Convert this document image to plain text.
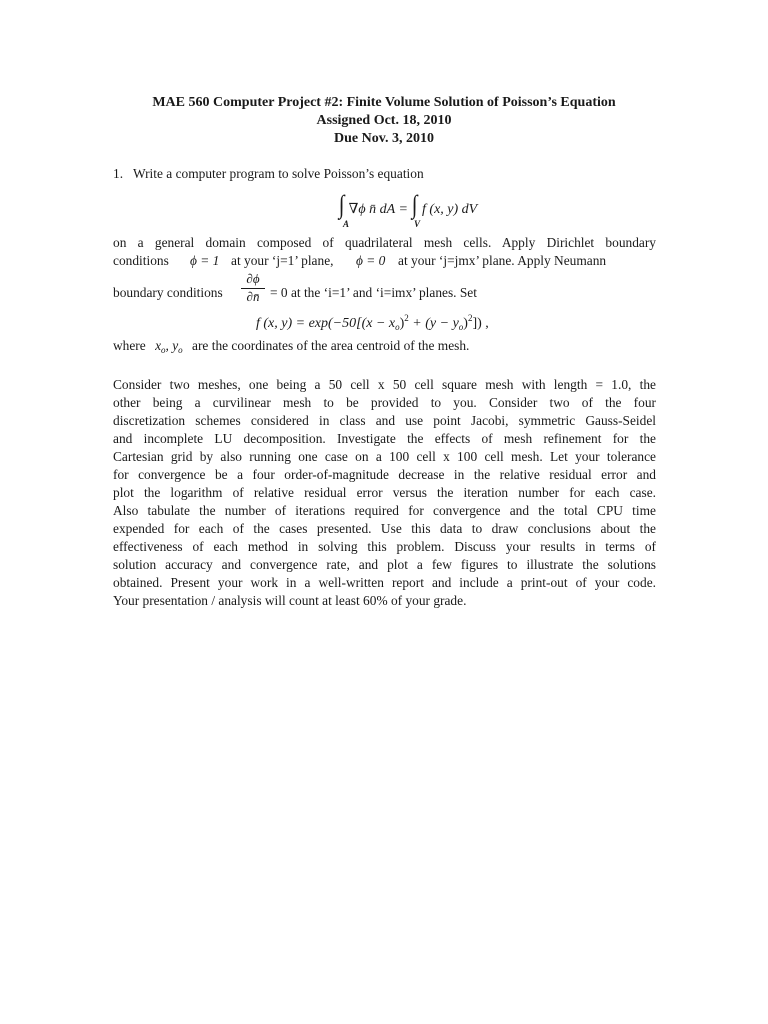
MAE 560 Computer Project #2: Finite Volume Solution of Poisson’s Equation
Assigned Oct. 18, 2010
Due Nov. 3, 2010
1. Write a computer program to solve Poisson’s equation
∫ ∇ϕ n̄ dA = ∫ f (x, y) dV
A	V
on a general domain composed of quadrilateral mesh cells. Apply Dirichlet boundary
conditions ϕ = 1 at your ‘j=1’ plane, ϕ = 0 at your ‘j=jmx’ plane. Apply Neumann
boundary conditions
∂ϕ
∂n̄ = 0 at the ‘i=1’ and ‘i=imx’ planes. Set
f (x, $y) = \exp(-50[(x - x_o)^2 + (y - y_o)^2])$ ,
where $x_o$, $y_o$ are the coordinates of the area centroid of the mesh.
Consider two meshes, one being a 50 cell x 50 cell square mesh with length = 1.0, the
other being a curvilinear mesh to be provided to you. Consider two of the four
discretization schemes considered in class and use point Jacobi, symmetric Gauss-Seidel
and incomplete LU decomposition. Investigate the effects of mesh refinement for the
Cartesian grid by also running one case on a 100 cell x 100 cell mesh. Let your tolerance
for convergence be a four order-of-magnitude decrease in the relative residual error and
plot the logarithm of relative residual error versus the iteration number for each case.
Also tabulate the number of iterations required for convergence and the total CPU time
expended for each of the cases presented. Use this data to draw conclusions about the
effectiveness of each method in solving this problem. Discuss your results in terms of
solution accuracy and convergence rate, and plot a few figures to illustrate the solutions
obtained. Present your work in a well-written report and include a print-out of your code.
Your presentation / analysis will count at least 60% of your grade.
